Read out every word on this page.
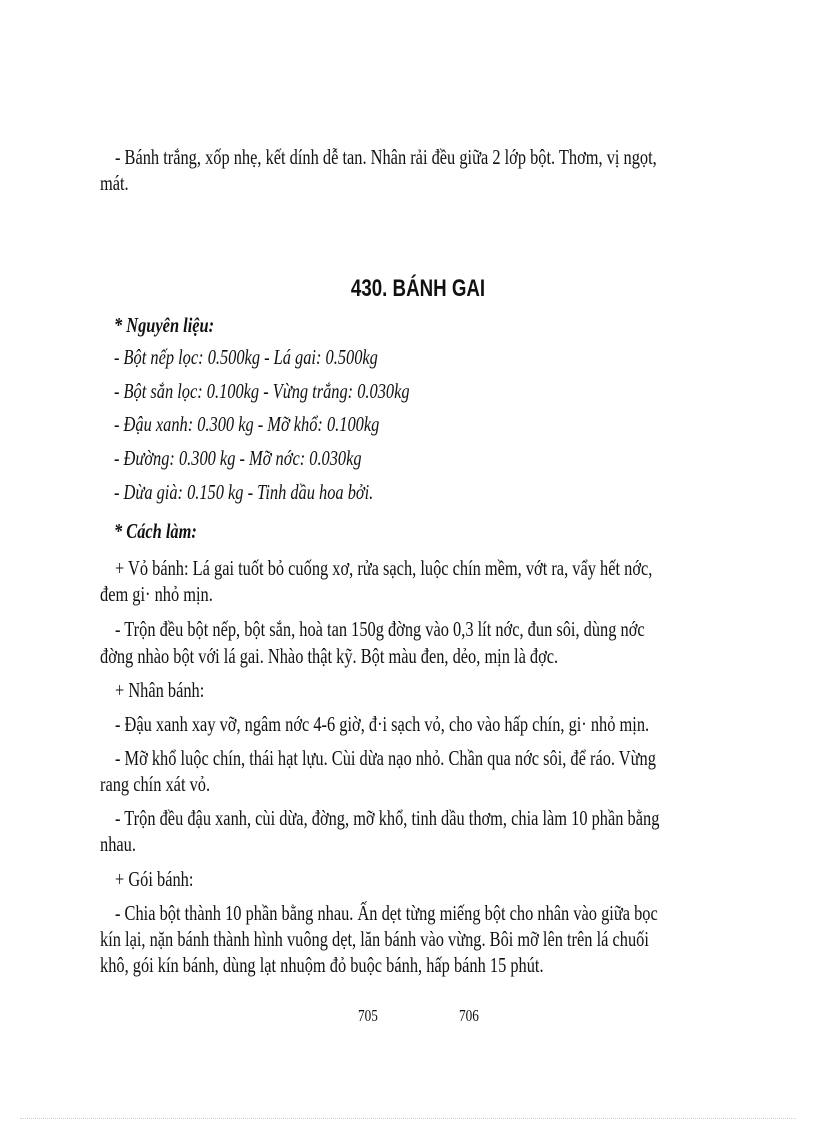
- Bánh trắng, xốp nhẹ, kết dính dễ tan. Nhân rải đều giữa 2 lớp bột. Thơm, vị ngọt,
mát.
430. BÁNH GAI
* Nguyên liệu:
- Bột nếp lọc: 0.500kg - Lá gai: 0.500kg
- Bột sắn lọc: 0.100kg - Vừng trắng: 0.030kg
- Đậu xanh: 0.300 kg - Mỡ khổ: 0.100kg
- Đường: 0.300 kg - Mỡ nớc: 0.030kg
- Dừa già: 0.150 kg - Tinh dầu hoa bởi.
* Cách làm:
+ Vỏ bánh: Lá gai tuốt bỏ cuống xơ, rửa sạch, luộc chín mềm, vớt ra, vẩy hết nớc,
đem gi· nhỏ mịn.
- Trộn đều bột nếp, bột sắn, hoà tan 150g đờng vào 0,3 lít nớc, đun sôi, dùng nớc
đờng nhào bột với lá gai. Nhào thật kỹ. Bột màu đen, dẻo, mịn là đợc.
+ Nhân bánh:
- Đậu xanh xay vỡ, ngâm nớc 4-6 giờ, đ·i sạch vỏ, cho vào hấp chín, gi· nhỏ mịn.
- Mỡ khổ luộc chín, thái hạt lựu. Cùi dừa nạo nhỏ. Chần qua nớc sôi, để ráo. Vừng
rang chín xát vỏ.
- Trộn đều đậu xanh, cùi dừa, đờng, mỡ khổ, tinh dầu thơm, chia làm 10 phần bằng
nhau.
+ Gói bánh:
- Chia bột thành 10 phần bằng nhau. Ấn dẹt từng miếng bột cho nhân vào giữa bọc
kín lại, nặn bánh thành hình vuông dẹt, lăn bánh vào vừng. Bôi mỡ lên trên lá chuối
khô, gói kín bánh, dùng lạt nhuộm đỏ buộc bánh, hấp bánh 15 phút.
705	706
